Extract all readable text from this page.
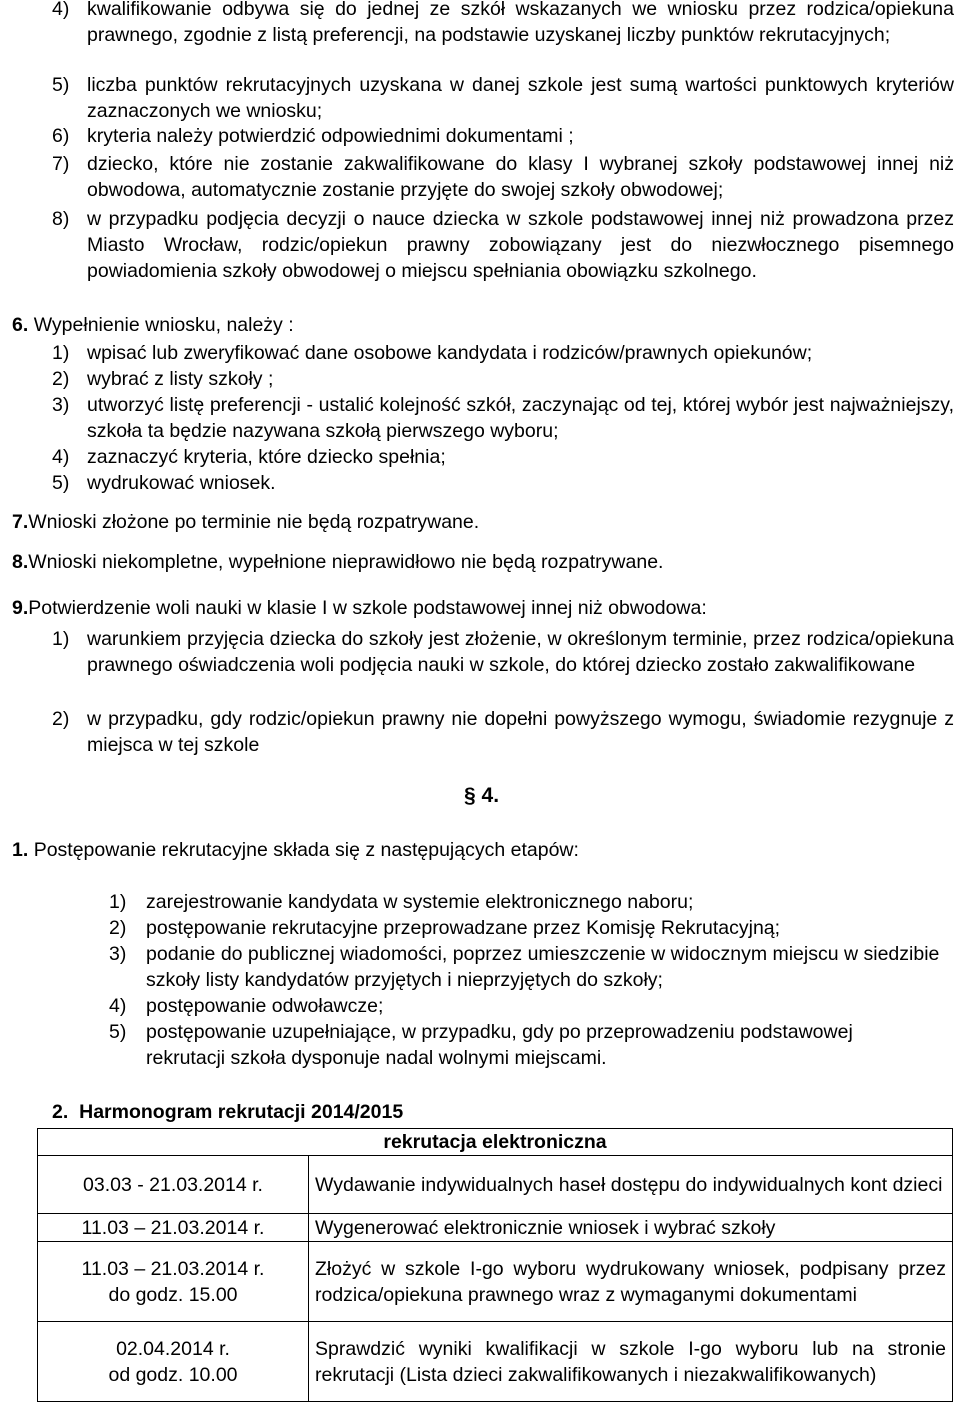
4) kwalifikowanie odbywa się do jednej ze szkół wskazanych we wniosku przez rodzica/opiekuna prawnego, zgodnie z listą preferencji, na podstawie uzyskanej liczby punktów rekrutacyjnych;
5) liczba punktów rekrutacyjnych uzyskana w danej szkole jest sumą wartości punktowych kryteriów zaznaczonych we wniosku;
6) kryteria należy potwierdzić odpowiednimi dokumentami ;
7) dziecko, które nie zostanie zakwalifikowane do klasy I wybranej szkoły podstawowej innej niż obwodowa, automatycznie zostanie przyjęte do swojej szkoły obwodowej;
8) w przypadku podjęcia decyzji o nauce dziecka w szkole podstawowej innej niż prowadzona przez Miasto Wrocław, rodzic/opiekun prawny zobowiązany jest do niezwłocznego pisemnego powiadomienia szkoły obwodowej o miejscu spełniania obowiązku szkolnego.
6. Wypełnienie wniosku, należy :
1) wpisać lub zweryfikować dane osobowe kandydata i rodziców/prawnych opiekunów;
2) wybrać z listy szkoły ;
3) utworzyć listę preferencji - ustalić kolejność szkół, zaczynając od tej, której wybór jest najważniejszy, szkoła ta będzie nazywana szkołą pierwszego wyboru;
4) zaznaczyć kryteria, które dziecko spełnia;
5) wydrukować wniosek.
7.Wnioski złożone po terminie nie będą rozpatrywane.
8.Wnioski niekompletne, wypełnione nieprawidłowo nie będą rozpatrywane.
9.Potwierdzenie woli nauki w klasie I w szkole podstawowej innej niż obwodowa:
1) warunkiem przyjęcia dziecka do szkoły jest złożenie, w określonym terminie, przez rodzica/opiekuna prawnego oświadczenia woli podjęcia nauki w szkole, do której dziecko zostało zakwalifikowane
2) w przypadku, gdy rodzic/opiekun prawny nie dopełni powyższego wymogu, świadomie rezygnuje z miejsca w tej szkole
§ 4.
1. Postępowanie rekrutacyjne składa się z następujących etapów:
1) zarejestrowanie kandydata w systemie elektronicznego naboru;
2) postępowanie rekrutacyjne przeprowadzane przez Komisję Rekrutacyjną;
3) podanie do publicznej wiadomości, poprzez umieszczenie w widocznym miejscu w siedzibie szkoły listy kandydatów przyjętych i nieprzyjętych do szkoły;
4) postępowanie odwoławcze;
5) postępowanie uzupełniające, w przypadku, gdy po przeprowadzeniu podstawowej rekrutacji szkoła dysponuje nadal wolnymi miejscami.
2. Harmonogram rekrutacji 2014/2015
rekrutacja elektroniczna	
03.03 - 21.03.2014 r.	Wydawanie indywidualnych haseł dostępu do indywidualnych kont dzieci
11.03 – 21.03.2014 r.	Wygenerować elektronicznie wniosek i wybrać szkoły

11.03 – 21.03.2014 r.
do godz. 15.00	Złożyć w szkole I-go wyboru wydrukowany wniosek, podpisany przez rodzica/opiekuna prawnego wraz z wymaganymi dokumentami

02.04.2014 r.
od godz. 10.00	Sprawdzić wyniki kwalifikacji w szkole I-go wyboru lub na stronie rekrutacji (Lista dzieci zakwalifikowanych i niezakwalifikowanych)
